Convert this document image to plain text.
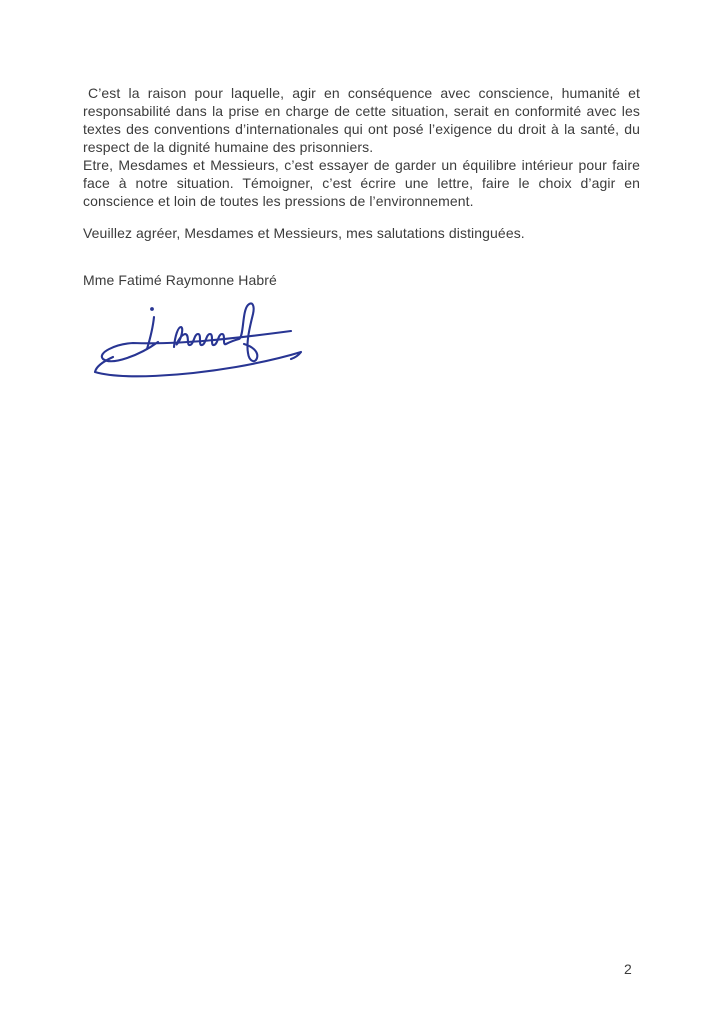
C’est la raison pour laquelle, agir en conséquence avec conscience, humanité et responsabilité dans la prise en charge de cette situation, serait en conformité avec les textes des conventions d’internationales qui ont posé l’exigence du droit à la santé, du respect de la dignité humaine des prisonniers.

Etre, Mesdames et Messieurs, c’est essayer de garder un équilibre intérieur pour faire face à notre situation. Témoigner, c’est écrire une lettre, faire le choix d’agir en conscience et loin de toutes les pressions de l’environnement.

Veuillez agréer, Mesdames et Messieurs, mes salutations distinguées.

Mme Fatimé Raymonne Habré

2
